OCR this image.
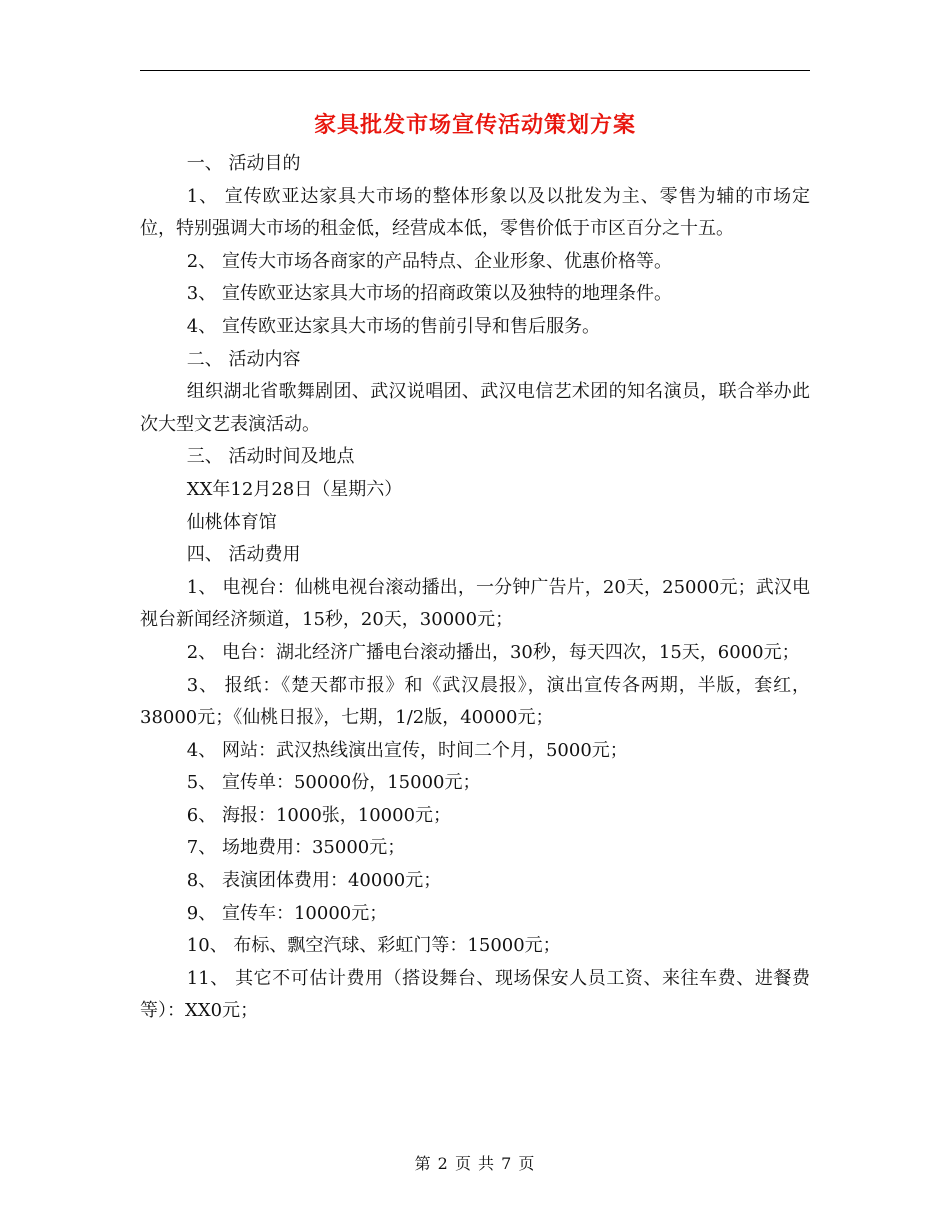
家具批发市场宣传活动策划方案

一、 活动目的

1、 宣传欧亚达家具大市场的整体形象以及以批发为主、零售为辅的市场定位，特别强调大市场的租金低，经营成本低，零售价低于市区百分之十五。

2、 宣传大市场各商家的产品特点、企业形象、优惠价格等。

3、 宣传欧亚达家具大市场的招商政策以及独特的地理条件。

4、 宣传欧亚达家具大市场的售前引导和售后服务。

二、 活动内容

组织湖北省歌舞剧团、武汉说唱团、武汉电信艺术团的知名演员，联合举办此次大型文艺表演活动。

三、 活动时间及地点

XX年12月28日（星期六）

仙桃体育馆

四、 活动费用

1、 电视台：仙桃电视台滚动播出，一分钟广告片，20天，25000元；武汉电视台新闻经济频道，15秒，20天，30000元；

2、 电台：湖北经济广播电台滚动播出，30秒，每天四次，15天，6000元；

3、 报纸：《楚天都市报》和《武汉晨报》，演出宣传各两期，半版，套红，38000元；《仙桃日报》，七期，1/2版，40000元；

4、 网站：武汉热线演出宣传，时间二个月，5000元；

5、 宣传单：50000份，15000元；

6、 海报：1000张，10000元；

7、 场地费用：35000元；

8、 表演团体费用：40000元；

9、 宣传车：10000元；

10、 布标、飘空汽球、彩虹门等：15000元；

11、 其它不可估计费用（搭设舞台、现场保安人员工资、来往车费、进餐费等）：XX0元；

第 2 页 共 7 页
